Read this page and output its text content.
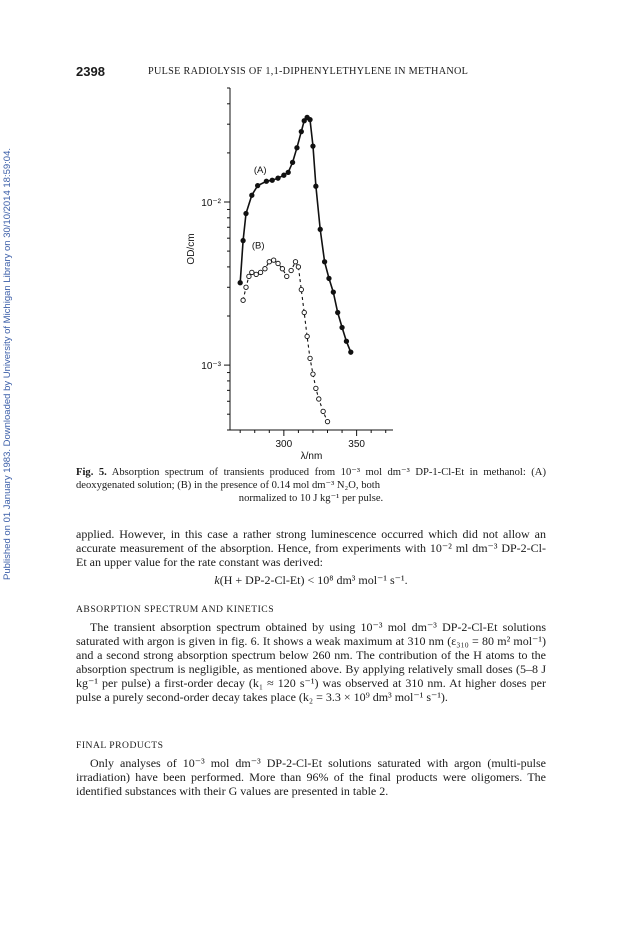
Published on 01 January 1983. Downloaded by University of Michigan Library on 30/10/2014 18:59:04.
2398	PULSE RADIOLYSIS OF 1,1-DIPHENYLETHYLENE IN METHANOL
10⁻²
10⁻³
300	350
λ/nm
OD/cm
(A)
(B)
Fig. 5. Absorption spectrum of transients produced from 10⁻³ mol dm⁻³ DP-1-Cl-Et in methanol: (A) deoxygenated solution; (B) in the presence of 0.14 mol dm⁻³ N₂O, both
normalized to 10 J kg⁻¹ per pulse.
applied. However, in this case a rather strong luminescence occurred which did not allow an accurate measurement of the absorption. Hence, from experiments with 10⁻² ml dm⁻³ DP-2-Cl-Et an upper value for the rate constant was derived:
k(H + DP-2-Cl-Et) < 10⁸ dm³ mol⁻¹ s⁻¹.
ABSORPTION SPECTRUM AND KINETICS
The transient absorption spectrum obtained by using 10⁻³ mol dm⁻³ DP-2-Cl-Et solutions saturated with argon is given in fig. 6. It shows a weak maximum at 310 nm (ε₃₁₀ = 80 m² mol⁻¹) and a second strong absorption spectrum below 260 nm. The contribution of the H atoms to the absorption spectrum is negligible, as mentioned above. By applying relatively small doses (5–8 J kg⁻¹ per pulse) a first-order decay (k₁ ≈ 120 s⁻¹) was observed at 310 nm. At higher doses per pulse a purely second-order decay takes place (k₂ = 3.3 × 10⁹ dm³ mol⁻¹ s⁻¹).
FINAL PRODUCTS
Only analyses of 10⁻³ mol dm⁻³ DP-2-Cl-Et solutions saturated with argon (multi-pulse irradiation) have been performed. More than 96% of the final products were oligomers. The identified substances with their G values are presented in table 2.
